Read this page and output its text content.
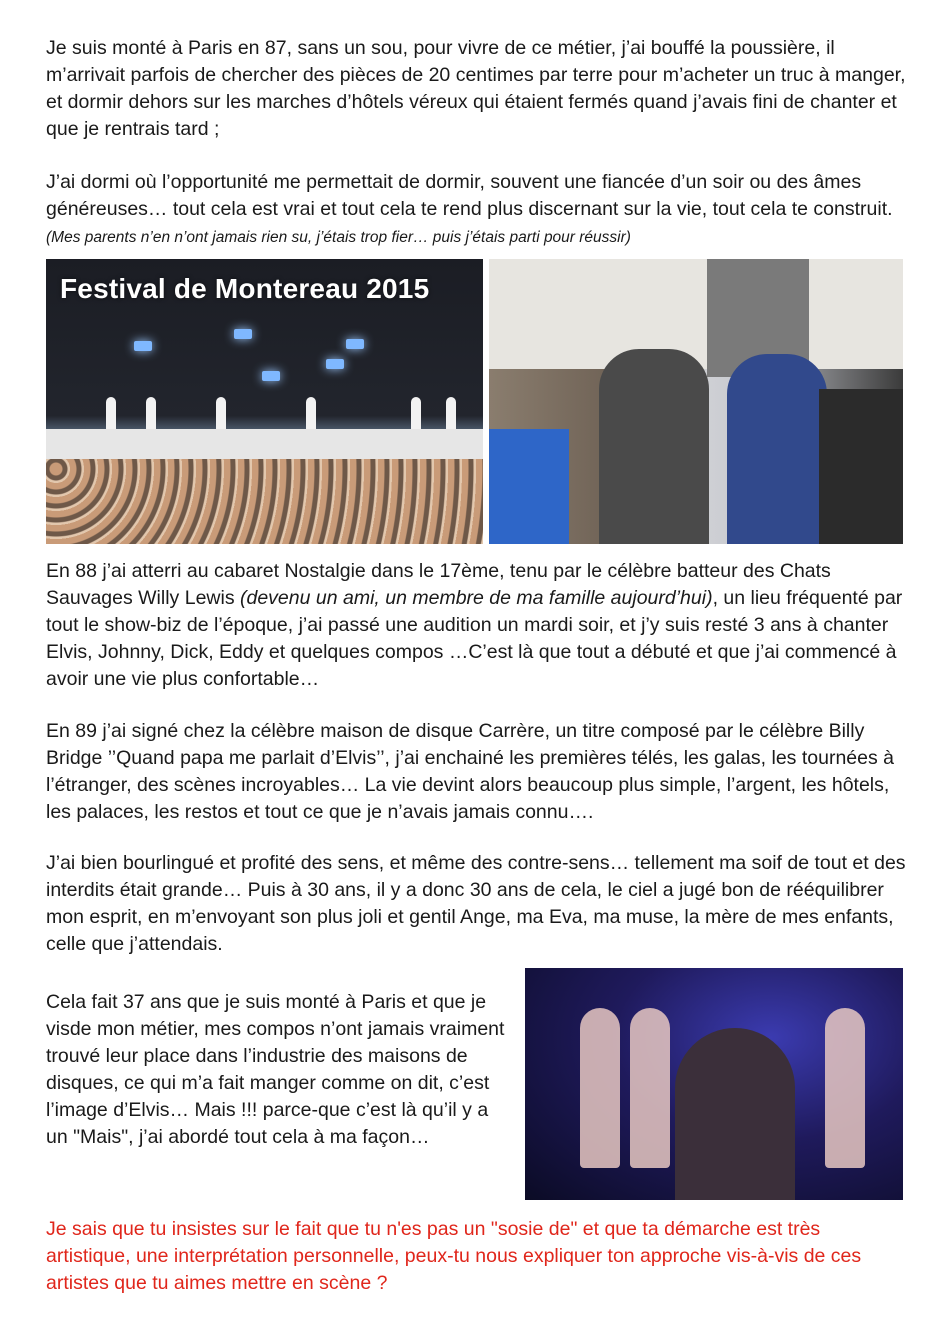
Je suis monté à Paris en 87, sans un sou, pour vivre de ce métier, j’ai bouffé la poussière, il m’arrivait parfois de chercher des pièces de 20 centimes par terre pour m’acheter un truc à manger, et dormir dehors sur les marches d’hôtels véreux qui étaient fermés quand j’avais fini de chanter et que je rentrais tard ;

J’ai dormi où l’opportunité me permettait de dormir, souvent une fiancée d’un soir ou des âmes généreuses… tout cela est vrai et tout cela te rend plus discernant sur la vie, tout cela te construit. (Mes parents n’en n’ont jamais rien su, j’étais trop fier… puis j’étais parti pour réussir)

Festival de Montereau 2015

En 88 j’ai atterri au cabaret Nostalgie dans le 17ème, tenu par le célèbre batteur des Chats Sauvages Willy Lewis (devenu un ami, un membre de ma famille aujourd’hui), un lieu fréquenté par tout le show-biz de l’époque, j’ai passé une audition un mardi soir, et j’y suis resté 3 ans à chanter Elvis, Johnny, Dick, Eddy et quelques compos …C’est là que tout a débuté et que j’ai commencé à avoir une vie plus confortable…

En 89 j’ai signé chez la célèbre maison de disque Carrère, un titre composé par le célèbre Billy Bridge ’’Quand papa me parlait d’Elvis’’, j’ai enchainé les premières télés, les galas, les tournées à l’étranger, des scènes incroyables… La vie devint alors beaucoup plus simple, l’argent, les hôtels, les palaces, les restos et tout ce que je n’avais jamais connu….

J’ai bien bourlingué et profité des sens, et même des contre-sens… tellement ma soif de tout et des interdits était grande… Puis à 30 ans, il y a donc 30 ans de cela, le ciel a jugé bon de rééquilibrer mon esprit, en m’envoyant son plus joli et gentil Ange, ma Eva, ma muse, la mère de mes enfants, celle que j’attendais.

Cela fait 37 ans que je suis monté à Paris et que je visde mon métier, mes compos n’ont jamais vraiment trouvé leur place dans l’industrie des maisons de disques, ce qui m’a fait manger comme on dit, c’est l’image d’Elvis… Mais !!! parce-que c’est là qu’il y a un "Mais", j’ai abordé tout cela à ma façon…

Je sais que tu insistes sur le fait que tu n'es pas un "sosie de" et que ta démarche est très artistique, une interprétation personnelle, peux-tu nous expliquer ton approche vis-à-vis de ces artistes que tu aimes mettre en scène ?
